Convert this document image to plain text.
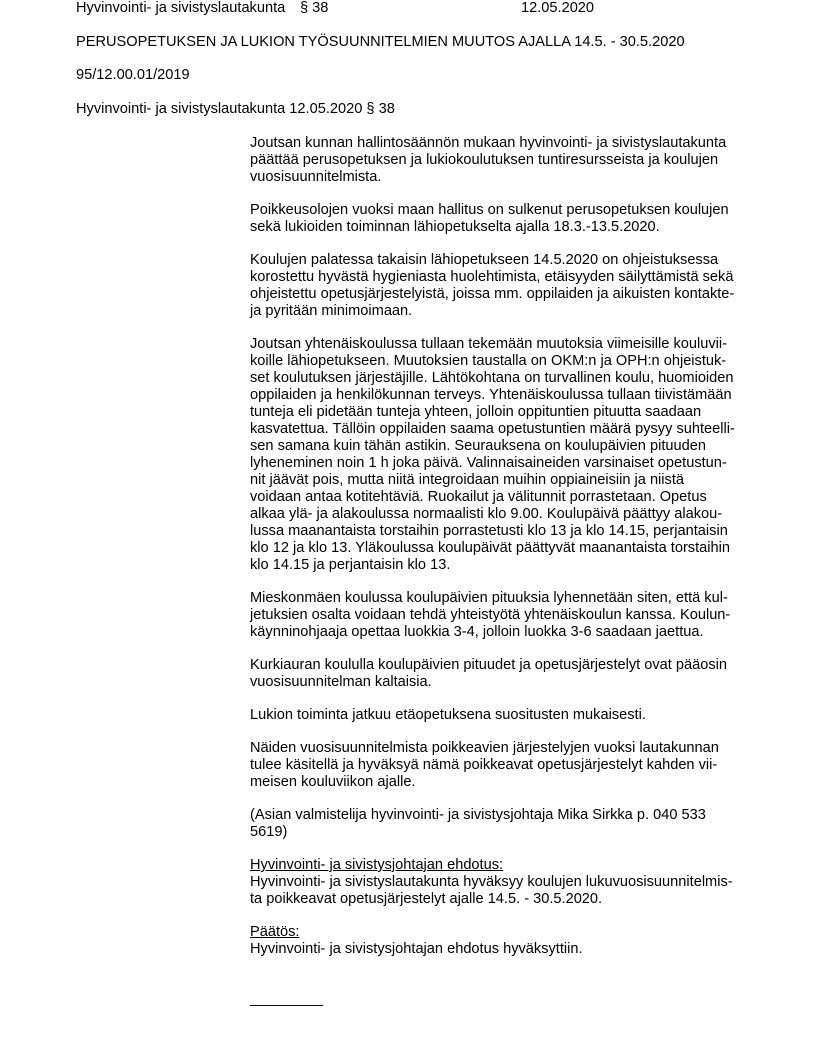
Hyvinvointi- ja sivistyslautakunta § 38	12.05.2020
PERUSOPETUKSEN JA LUKION TYÖSUUNNITELMIEN MUUTOS AJALLA 14.5. - 30.5.2020
95/12.00.01/2019
Hyvinvointi- ja sivistyslautakunta 12.05.2020 § 38
Joutsan kunnan hallintosäännön mukaan hyvinvointi- ja sivistyslautakunta
päättää perusopetuksen ja lukiokoulutuksen tuntiresursseista ja koulujen
vuosisuunnitelmista.
Poikkeusolojen vuoksi maan hallitus on sulkenut perusopetuksen koulujen
sekä lukioiden toiminnan lähiopetukselta ajalla 18.3.-13.5.2020.
Koulujen palatessa takaisin lähiopetukseen 14.5.2020 on ohjeistuksessa
korostettu hyvästä hygieniasta huolehtimista, etäisyyden säilyttämistä sekä
ohjeistettu opetusjärjestelyistä, joissa mm. oppilaiden ja aikuisten kontakte-
ja pyritään minimoimaan.
Joutsan yhtenäiskoulussa tullaan tekemään muutoksia viimeisille kouluvii-
koille lähiopetukseen. Muutoksien taustalla on OKM:n ja OPH:n ohjeistuk-
set koulutuksen järjestäjille. Lähtökohtana on turvallinen koulu, huomioiden
oppilaiden ja henkilökunnan terveys. Yhtenäiskoulussa tullaan tiivistämään
tunteja eli pidetään tunteja yhteen, jolloin oppituntien pituutta saadaan
kasvatettua. Tällöin oppilaiden saama opetustuntien määrä pysyy suhteelli-
sen samana kuin tähän astikin. Seurauksena on koulupäivien pituuden
lyheneminen noin 1 h joka päivä. Valinnaisaineiden varsinaiset opetustun-
nit jäävät pois, mutta niitä integroidaan muihin oppiaineisiin ja niistä
voidaan antaa kotitehtäviä. Ruokailut ja välitunnit porrastetaan. Opetus
alkaa ylä- ja alakoulussa normaalisti klo 9.00. Koulupäivä päättyy alakou-
lussa maanantaista torstaihin porrastetusti klo 13 ja klo 14.15, perjantaisin
klo 12 ja klo 13. Yläkoulussa koulupäivät päättyvät maanantaista torstaihin
klo 14.15 ja perjantaisin klo 13.
Mieskonmäen koulussa koulupäivien pituuksia lyhennetään siten, että kul-
jetuksien osalta voidaan tehdä yhteistyötä yhtenäiskoulun kanssa. Koulun-
käynninohjaaja opettaa luokkia 3-4, jolloin luokka 3-6 saadaan jaettua.
Kurkiauran koululla koulupäivien pituudet ja opetusjärjestelyt ovat pääosin
vuosisuunnitelman kaltaisia.
Lukion toiminta jatkuu etäopetuksena suositusten mukaisesti.
Näiden vuosisuunnitelmista poikkeavien järjestelyjen vuoksi lautakunnan
tulee käsitellä ja hyväksyä nämä poikkeavat opetusjärjestelyt kahden vii-
meisen kouluviikon ajalle.
(Asian valmistelija hyvinvointi- ja sivistysjohtaja Mika Sirkka p. 040 533
5619)
Hyvinvointi- ja sivistysjohtajan ehdotus:
Hyvinvointi- ja sivistyslautakunta hyväksyy koulujen lukuvuosisuunnitelmis-
ta poikkeavat opetusjärjestelyt ajalle 14.5. - 30.5.2020.
Päätös:
Hyvinvointi- ja sivistysjohtajan ehdotus hyväksyttiin.
_________
